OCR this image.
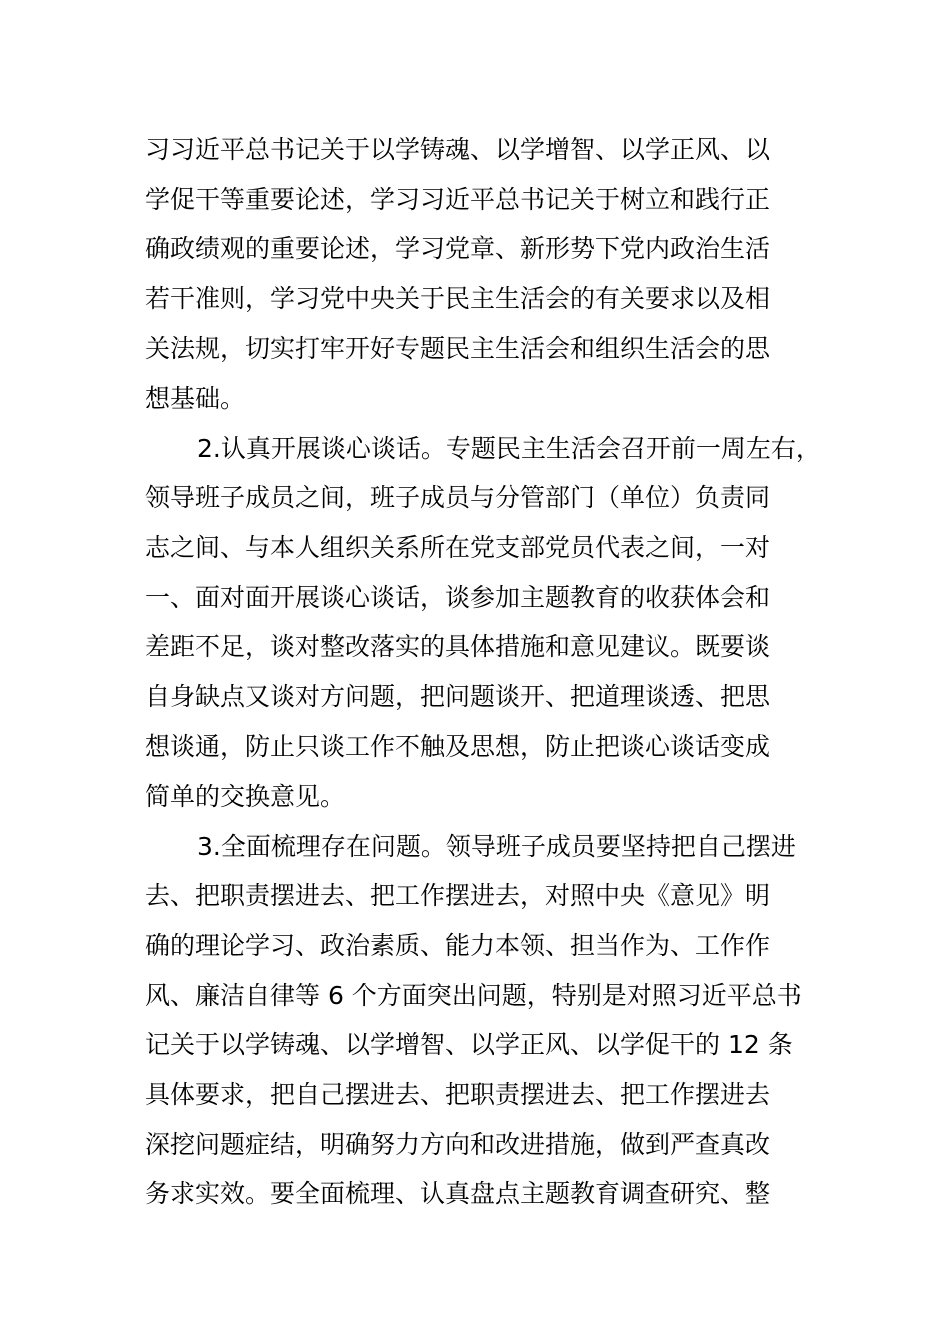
习习近平总书记关于以学铸魂、以学增智、以学正风、以
学促干等重要论述，学习习近平总书记关于树立和践行正
确政绩观的重要论述，学习党章、新形势下党内政治生活
若干准则，学习党中央关于民主生活会的有关要求以及相
关法规，切实打牢开好专题民主生活会和组织生活会的思
想基础。
2.认真开展谈心谈话。专题民主生活会召开前一周左右，
领导班子成员之间，班子成员与分管部门（单位）负责同
志之间、与本人组织关系所在党支部党员代表之间，一对
一、面对面开展谈心谈话，谈参加主题教育的收获体会和
差距不足，谈对整改落实的具体措施和意见建议。既要谈
自身缺点又谈对方问题，把问题谈开、把道理谈透、把思
想谈通，防止只谈工作不触及思想，防止把谈心谈话变成
简单的交换意见。
3.全面梳理存在问题。领导班子成员要坚持把自己摆进
去、把职责摆进去、把工作摆进去，对照中央《意见》明
确的理论学习、政治素质、能力本领、担当作为、工作作
风、廉洁自律等 6 个方面突出问题，特别是对照习近平总书
记关于以学铸魂、以学增智、以学正风、以学促干的 12 条
具体要求，把自己摆进去、把职责摆进去、把工作摆进去
深挖问题症结，明确努力方向和改进措施，做到严查真改
务求实效。要全面梳理、认真盘点主题教育调查研究、整
